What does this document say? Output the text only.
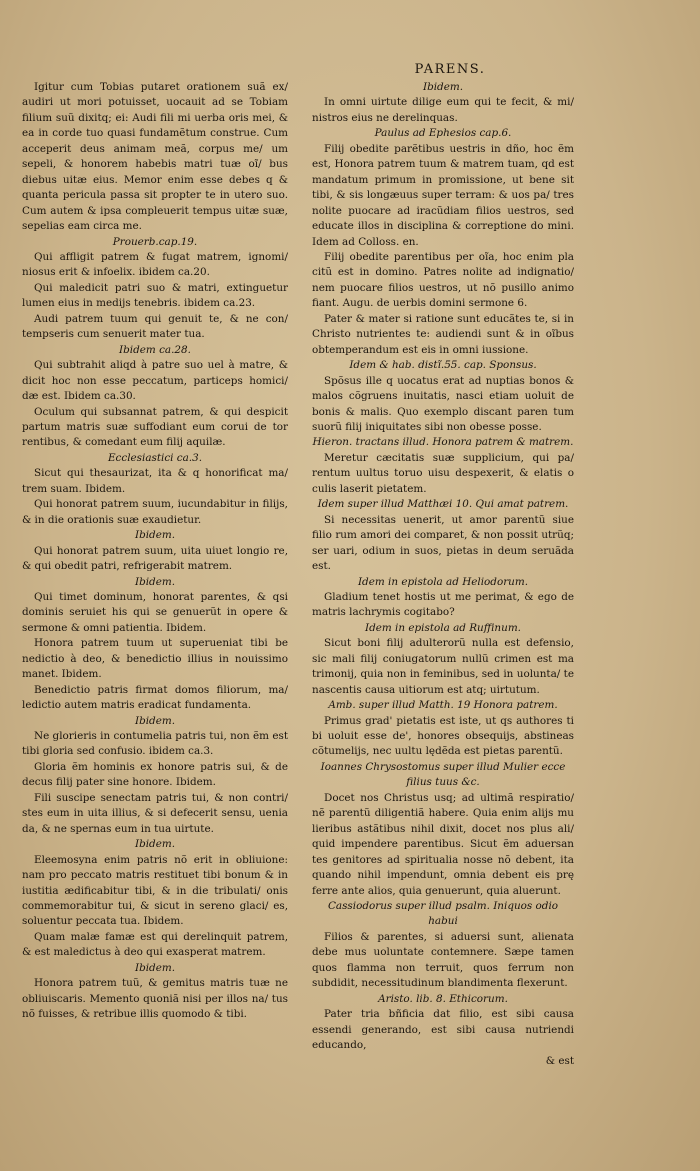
PARENS.

Igitur cum Tobias putaret orationem suã ex/ audiri ut mori potuisset, uocauit ad se Tobiam filium suũ dixitq; ei: Audi fili mi uerba oris mei, & ea in corde tuo quasi fundamẽtum construe. Cum acceperit deus animam meã, corpus me/ um sepeli, & honorem habebis matri tuæ oĩ/ bus diebus uitæ eius. Memor enim esse debes q & quanta pericula passa sit propter te in utero suo. Cum autem & ipsa compleuerit tempus uitæ suæ, sepelias eam circa me.

Prouerb.cap.19.

Qui affligit patrem & fugat matrem, ignomi/ niosus erit & infoelix. ibidem ca.20.

Qui maledicit patri suo & matri, extinguetur lumen eius in medijs tenebris. ibidem ca.23.

Audi patrem tuum qui genuit te, & ne con/ tempseris cum senuerit mater tua.

Ibidem ca.28.

Qui subtrahit aliqd à patre suo uel à matre, & dicit hoc non esse peccatum, particeps homici/ dæ est. Ibidem ca.30.

Oculum qui subsannat patrem, & qui despicit partum matris suæ suffodiant eum corui de tor rentibus, & comedant eum filij aquilæ.

Ecclesiastici ca.3.

Sicut qui thesaurizat, ita & q honorificat ma/ trem suam. Ibidem.

Qui honorat patrem suum, iucundabitur in filijs, & in die orationis suæ exaudietur.

Ibidem.

Qui honorat patrem suum, uita uiuet longio re, & qui obedit patri, refrigerabit matrem.

Ibidem.

Qui timet dominum, honorat parentes, & qsi dominis seruiet his qui se genuerũt in opere & sermone & omni patientia. Ibidem.

Honora patrem tuum ut superueniat tibi be nedictio à deo, & benedictio illius in nouissimo manet. Ibidem.

Benedictio patris firmat domos filiorum, ma/ ledictio autem matris eradicat fundamenta.

Ibidem.

Ne glorieris in contumelia patris tui, non ẽm est tibi gloria sed confusio. ibidem ca.3.

Gloria ẽm hominis ex honore patris sui, & de decus filij pater sine honore. Ibidem.

Fili suscipe senectam patris tui, & non contri/ stes eum in uita illius, & si defecerit sensu, uenia da, & ne spernas eum in tua uirtute.

Ibidem.

Eleemosyna enim patris nõ erit in obliuione: nam pro peccato matris restituet tibi bonum & in iustitia ædificabitur tibi, & in die tribulati/ onis commemorabitur tui, & sicut in sereno glaci/ es, soluentur peccata tua. Ibidem.

Quam malæ famæ est qui derelinquit patrem, & est maledictus à deo qui exasperat matrem.

Ibidem.

Honora patrem tuũ, & gemitus matris tuæ ne obliuiscaris. Memento quoniã nisi per illos na/ tus nõ fuisses, & retribue illis quomodo & tibi.

Ibidem.

In omni uirtute dilige eum qui te fecit, & mi/ nistros eius ne derelinquas.

Paulus ad Ephesios cap.6.

Filij obedite parẽtibus uestris in dño, hoc ẽm est, Honora patrem tuum & matrem tuam, qd est mandatum primum in promissione, ut bene sit tibi, & sis longæuus super terram: & uos pa/ tres nolite puocare ad iracũdiam filios uestros, sed educate illos in disciplina & correptione do mini. Idem ad Colloss. en.

Filij obedite parentibus per oĩa, hoc enim pla citũ est in domino. Patres nolite ad indignatio/ nem puocare filios uestros, ut nõ pusillo animo fiant. Augu. de uerbis domini sermone 6.

Pater & mater si ratione sunt educãtes te, si in Christo nutrientes te: audiendi sunt & in oĩbus obtemperandum est eis in omni iussione.

Idem & hab. distĩ.55. cap. Sponsus.

Spõsus ille q uocatus erat ad nuptias bonos & malos cõgruens inuitatis, nasci etiam uoluit de bonis & malis. Quo exemplo discant paren tum suorũ filij iniquitates sibi non obesse posse.

Hieron. tractans illud. Honora patrem & matrem.

Meretur cæcitatis suæ supplicium, qui pa/ rentum uultus toruo uisu despexerit, & elatis o culis laserit pietatem.

Idem super illud Matthæi 10. Qui amat patrem.

Si necessitas uenerit, ut amor parentũ siue filio rum amori dei comparet, & non possit utrũq; ser uari, odium in suos, pietas in deum seruãda est.

Idem in epistola ad Heliodorum.

Gladium tenet hostis ut me perimat, & ego de matris lachrymis cogitabo?

Idem in epistola ad Ruffinum.

Sicut boni filij adulterorũ nulla est defensio, sic mali filij coniugatorum nullũ crimen est ma trimonij, quia non in feminibus, sed in uolunta/ te nascentis causa uitiorum est atq; uirtutum.

Amb. super illud Matth. 19 Honora patrem.

Primus grad' pietatis est iste, ut qs authores ti bi uoluit esse de', honores obsequijs, abstineas cõtumelijs, nec uultu lędẽda est pietas parentũ.

Ioannes Chrysostomus super illud Mulier ecce filius tuus &c.

Docet nos Christus usq; ad ultimã respiratio/ nẽ parentũ diligentiã habere. Quia enim alijs mu lieribus astãtibus nihil dixit, docet nos plus ali/ quid impendere parentibus. Sicut ẽm aduersan tes genitores ad spiritualia nosse nõ debent, ita quando nihil impendunt, omnia debent eis prę ferre ante alios, quia genuerunt, quia aluerunt.

Cassiodorus super illud psalm. Iniquos odio habui

Filios & parentes, si aduersi sunt, alienata debe mus uoluntate contemnere. Sæpe tamen quos flamma non terruit, quos ferrum non subdidit, necessitudinum blandimenta flexerunt.

Aristo. lib. 8. Ethicorum.

Pater tria bñficia dat filio, est sibi causa essendi generando, est sibi causa nutriendi educando,

& est
